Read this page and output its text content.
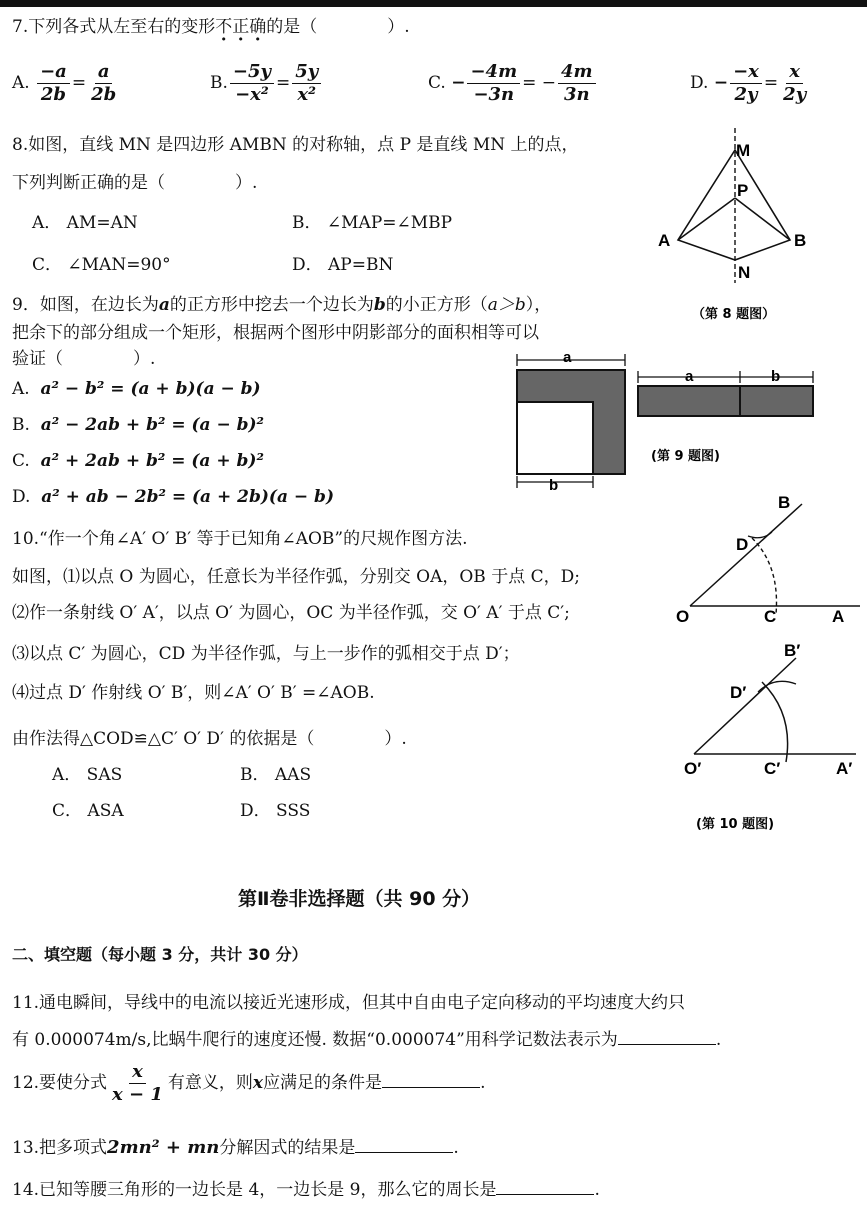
7.下列各式从左至右的变形不正确的是（	）.
A. $\frac{-a}{2b} = \frac{a}{2b}$	B. $\frac{-5y}{\text{−x²}} = \frac{5y}{\text{x²}}$	C. − $\frac{-4m}{-3n}$ = − $\frac{4m}{3n}$	D. − $\frac{-x}{2y} = \frac{x}{2y}$
8.如图，直线 MN 是四边形 AMBN 的对称轴，点 P 是直线 MN 上的点，
下列判断正确的是（	）.
A． AM=AN	B． ∠MAP=∠MBP
C． ∠MAN=90°	D． AP=BN
M
P
A	B
N
（第 8 题图）
9．如图，在边长为a的正方形中挖去一个边长为b的小正方形（a＞b），
把余下的部分组成一个矩形，根据两个图形中阴影部分的面积相等可以
验证（	）.
A. a² − b² = (a + b)(a − b)
B. a² − 2ab + b² = (a − b)²
C. a² + 2ab + b² = (a + b)²
D. a² + ab − 2b² = (a + 2b)(a − b)
a
b
a	b
(第 9 题图)
10.“作一个角∠A′ O′ B′ 等于已知角∠AOB”的尺规作图方法.
如图，⑴以点 O 为圆心，任意长为半径作弧，分别交 OA，OB 于点 C，D;
⑵作一条射线 O′ A′，以点 O′ 为圆心，OC 为半径作弧，交 O′ A′ 于点 C′;
⑶以点 C′ 为圆心，CD 为半径作弧，与上一步作的弧相交于点 D′；
⑷过点 D′ 作射线 O′ B′，则∠A′ O′ B′ =∠AOB.
由作法得△COD≌△C′ O′ D′ 的依据是（	）.
A． SAS	B． AAS
C． ASA	D． SSS
B
D
O	C	A
B′
D′
O′	C′	A′
(第 10 题图)
第Ⅱ卷非选择题（共 90 分）
二、填空题（每小题 3 分，共计 30 分）
11.通电瞬间，导线中的电流以接近光速形成，但其中自由电子定向移动的平均速度大约只
有 0.000074m/s,比蜗牛爬行的速度还慢. 数据“0.000074”用科学记数法表示为	.
12.要使分式 $\frac{x}{x - 1}$ 有意义，则x应满足的条件是	.
13.把多项式2mn² + mn分解因式的结果是	.
14.已知等腰三角形的一边长是 4，一边长是 9，那么它的周长是	.
